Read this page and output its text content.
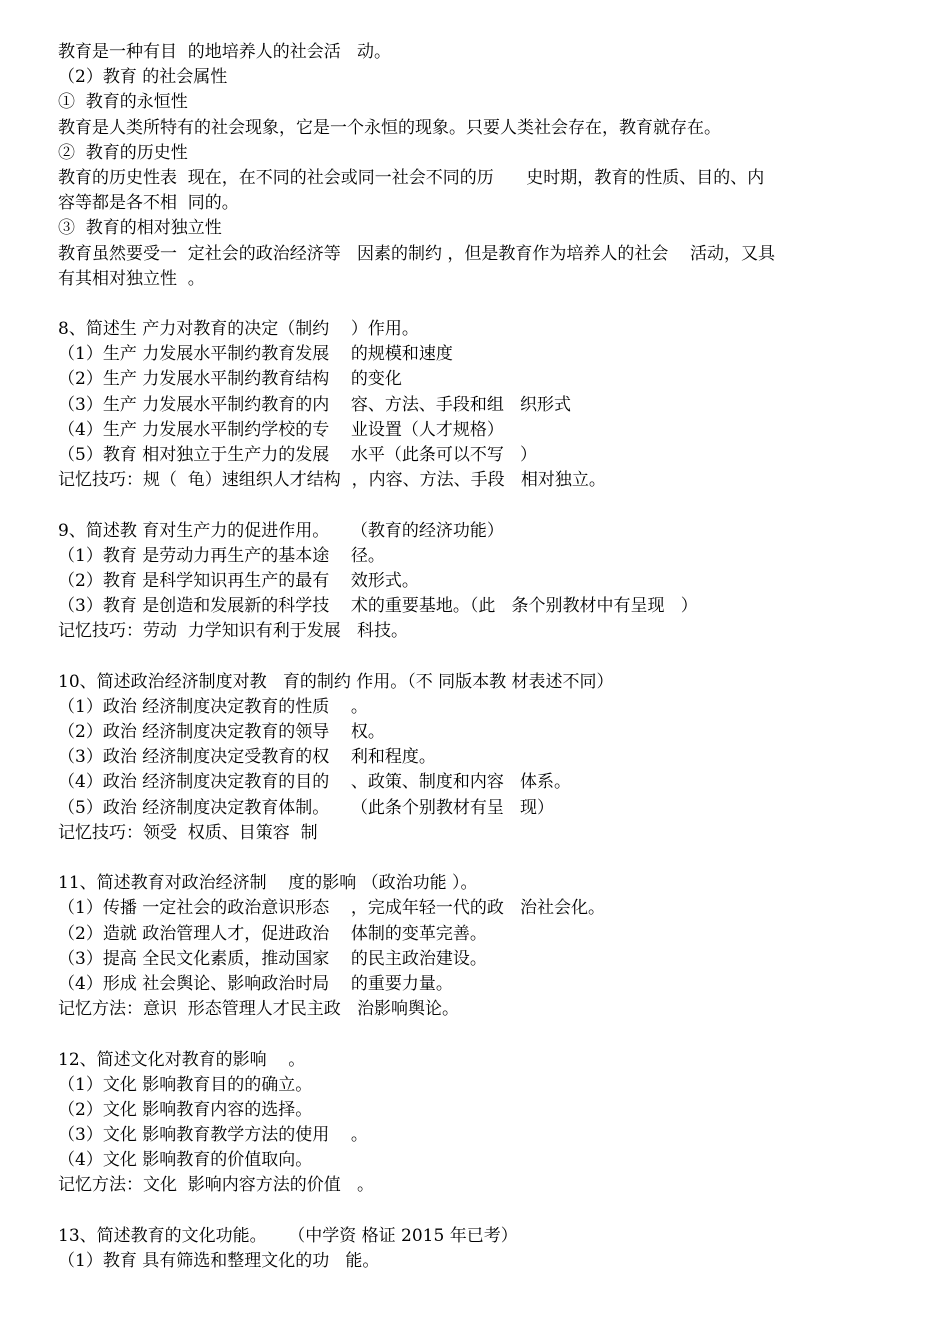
教育是一种有目  的地培养人的社会活   动。
（2）教育 的社会属性
①  教育的永恒性
教育是人类所特有的社会现象，它是一个永恒的现象。只要人类社会存在，教育就存在。
②  教育的历史性
教育的历史性表  现在，在不同的社会或同一社会不同的历      史时期，教育的性质、目的、内
容等都是各不相  同的。
③  教育的相对独立性
教育虽然要受一  定社会的政治经济等   因素的制约 ，但是教育作为培养人的社会    活动，又具
有其相对独立性  。
8、简述生 产力对教育的决定（制约    ）作用。
（1）生产 力发展水平制约教育发展    的规模和速度
（2）生产 力发展水平制约教育结构    的变化
（3）生产 力发展水平制约教育的内    容、方法、手段和组   织形式
（4）生产 力发展水平制约学校的专    业设置（人才规格）
（5）教育 相对独立于生产力的发展    水平（此条可以不写   ）
记忆技巧：规（  龟）速组织人才结构  ，内容、方法、手段   相对独立。
9、简述教 育对生产力的促进作用。    （教育的经济功能）
（1）教育 是劳动力再生产的基本途    径。
（2）教育 是科学知识再生产的最有    效形式。
（3）教育 是创造和发展新的科学技    术的重要基地。（此   条个别教材中有呈现   ）
记忆技巧：劳动  力学知识有利于发展   科技。
10、简述政治经济制度对教   育的制约 作用。（不 同版本教 材表述不同）
（1）政治 经济制度决定教育的性质    。
（2）政治 经济制度决定教育的领导    权。
（3）政治 经济制度决定受教育的权    利和程度。
（4）政治 经济制度决定教育的目的    、政策、制度和内容   体系。
（5）政治 经济制度决定教育体制。    （此条个别教材有呈   现）
记忆技巧：领受  权质、目策容  制
11、简述教育对政治经济制    度的影响 （政治功能 ）。
（1）传播 一定社会的政治意识形态    ，完成年轻一代的政   治社会化。
（2）造就 政治管理人才，促进政治    体制的变革完善。
（3）提高 全民文化素质，推动国家    的民主政治建设。
（4）形成 社会舆论、影响政治时局    的重要力量。
记忆方法：意识  形态管理人才民主政   治影响舆论。
12、简述文化对教育的影响    。
（1）文化 影响教育目的的确立。
（2）文化 影响教育内容的选择。
（3）文化 影响教育教学方法的使用    。
（4）文化 影响教育的价值取向。
记忆方法：文化  影响内容方法的价值   。
13、简述教育的文化功能。    （中学资 格证 2015 年已考）
（1）教育 具有筛选和整理文化的功   能。
